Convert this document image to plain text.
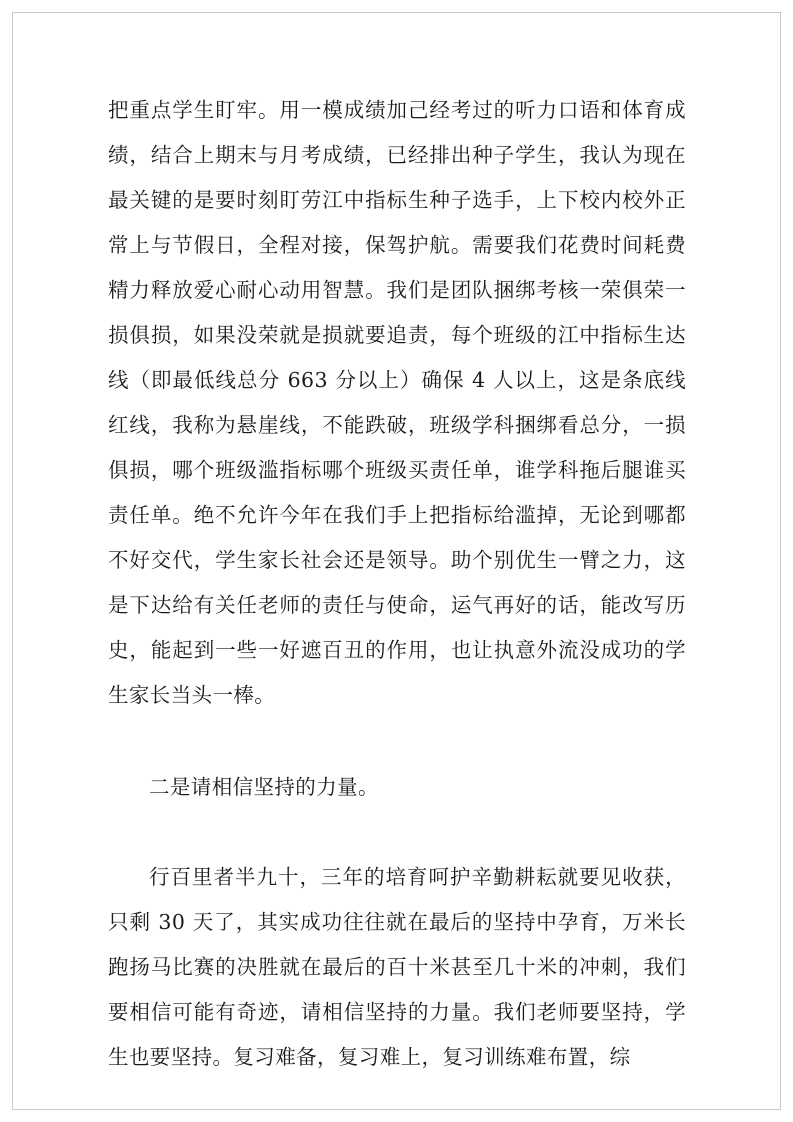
把重点学生盯牢。用一模成绩加己经考过的听力口语和体育成绩，结合上期末与月考成绩，已经排出种子学生，我认为现在最关键的是要时刻盯劳江中指标生种子选手，上下校内校外正常上与节假日，全程对接，保驾护航。需要我们花费时间耗费精力释放爱心耐心动用智慧。我们是团队捆绑考核一荣俱荣一损俱损，如果没荣就是损就要追责，每个班级的江中指标生达线（即最低线总分 663 分以上）确保 4 人以上，这是条底线红线，我称为悬崖线，不能跌破，班级学科捆绑看总分，一损俱损，哪个班级滥指标哪个班级买责任单，谁学科拖后腿谁买责任单。绝不允许今年在我们手上把指标给滥掉，无论到哪都不好交代，学生家长社会还是领导。助个别优生一臂之力，这是下达给有关任老师的责任与使命，运气再好的话，能改写历史，能起到一些一好遮百丑的作用，也让执意外流没成功的学生家长当头一棒。

二是请相信坚持的力量。

行百里者半九十，三年的培育呵护辛勤耕耘就要见收获，只剩 30 天了，其实成功往往就在最后的坚持中孕育，万米长跑扬马比赛的决胜就在最后的百十米甚至几十米的冲刺，我们要相信可能有奇迹，请相信坚持的力量。我们老师要坚持，学生也要坚持。复习难备，复习难上，复习训练难布置，综
